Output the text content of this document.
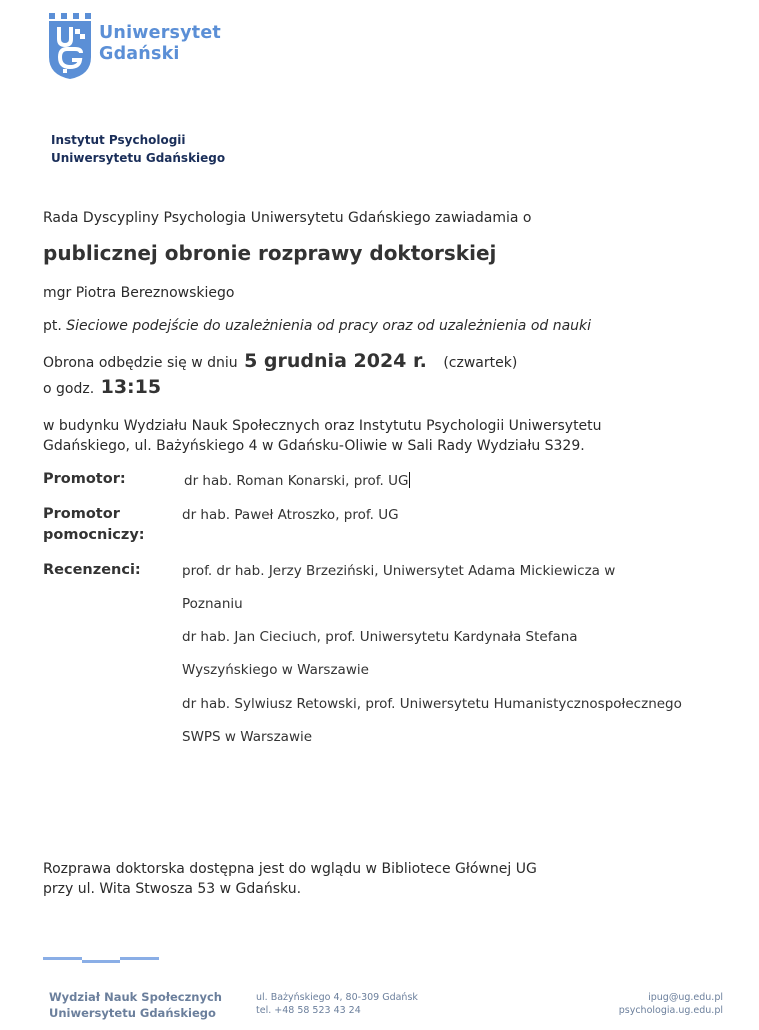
Uniwersytet
Gdański
Instytut Psychologii
Uniwersytetu Gdańskiego
Rada Dyscypliny Psychologia Uniwersytetu Gdańskiego zawiadamia o
publicznej obronie rozprawy doktorskiej
mgr Piotra Bereznowskiego
pt. Sieciowe podejście do uzależnienia od pracy oraz od uzależnienia od nauki
Obrona odbędzie się w dniu 5 grudnia 2024 r. (czwartek)
o godz. 13:15
w budynku Wydziału Nauk Społecznych oraz Instytutu Psychologii Uniwersytetu
Gdańskiego, ul. Bażyńskiego 4 w Gdańsku-Oliwie w Sali Rady Wydziału S329.
Promotor:	dr hab. Roman Konarski, prof. UG
Promotor
pomocniczy:
dr hab. Paweł Atroszko, prof. UG
Recenzenci:	prof. dr hab. Jerzy Brzeziński, Uniwersytet Adama Mickiewicza w
Poznaniu
dr hab. Jan Cieciuch, prof. Uniwersytetu Kardynała Stefana
Wyszyńskiego w Warszawie
dr hab. Sylwiusz Retowski, prof. Uniwersytetu Humanistycznospołecznego
SWPS w Warszawie
Rozprawa doktorska dostępna jest do wglądu w Bibliotece Głównej UG
przy ul. Wita Stwosza 53 w Gdańsku.
Wydział Nauk Społecznych
Uniwersytetu Gdańskiego
ul. Bażyńskiego 4, 80-309 Gdańsk
tel. +48 58 523 43 24
ipug@ug.edu.pl
psychologia.ug.edu.pl
